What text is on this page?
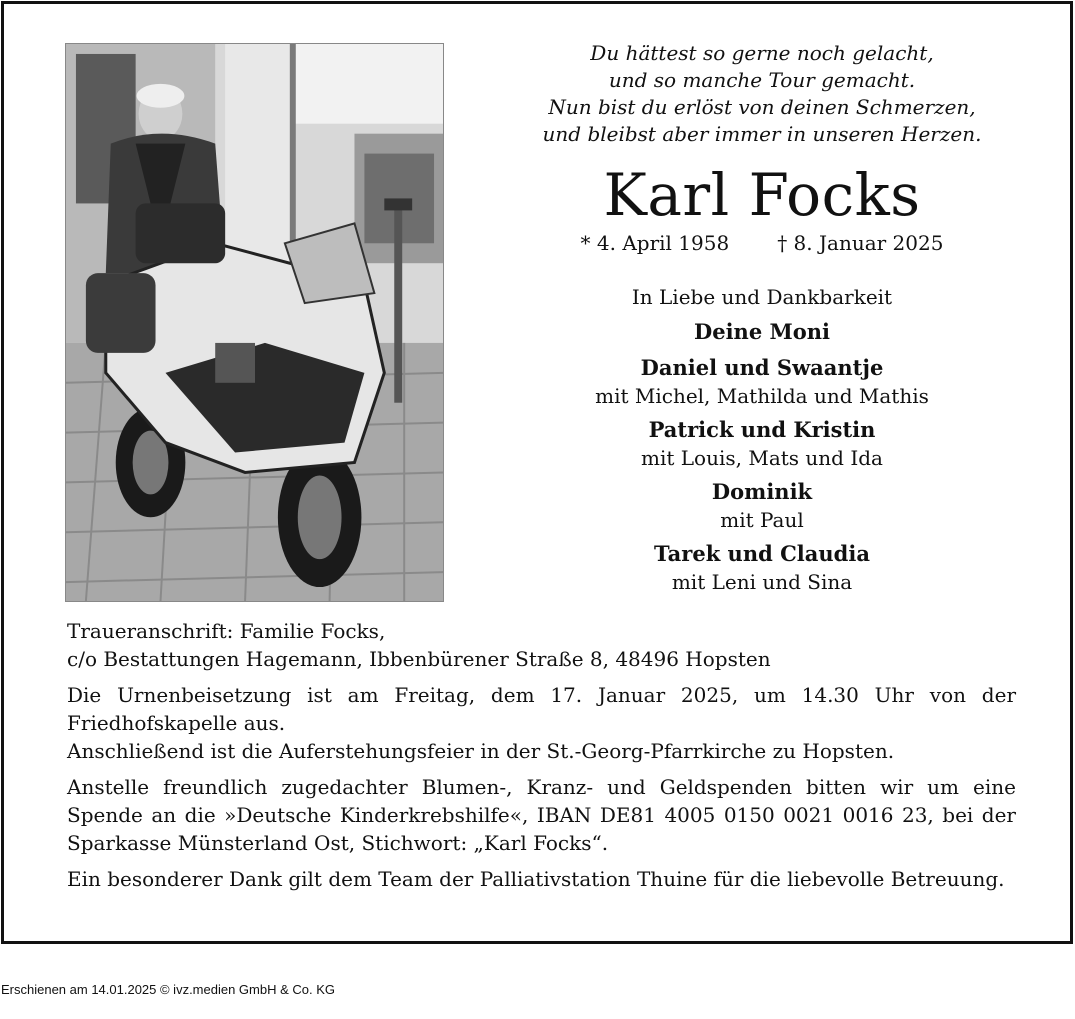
Du hättest so gerne noch gelacht,
und so manche Tour gemacht.
Nun bist du erlöst von deinen Schmerzen,
und bleibst aber immer in unseren Herzen.
Karl Focks
* 4. April 1958 † 8. Januar 2025
In Liebe und Dankbarkeit
Deine Moni
Daniel und Swaantje
mit Michel, Mathilda und Mathis
Patrick und Kristin
mit Louis, Mats und Ida
Dominik
mit Paul
Tarek und Claudia
mit Leni und Sina
Traueranschrift: Familie Focks,
c/o Bestattungen Hagemann, Ibbenbürener Straße 8, 48496 Hopsten

Die Urnenbeisetzung ist am Freitag, dem 17. Januar 2025, um 14.30 Uhr von der Friedhofskapelle aus.

Anschließend ist die Auferstehungsfeier in der St.-Georg-Pfarrkirche zu Hopsten.

Anstelle freundlich zugedachter Blumen-, Kranz- und Geldspenden bitten wir um eine Spende an die »Deutsche Kinderkrebshilfe«, IBAN DE81 4005 0150 0021 0016 23, bei der Sparkasse Münsterland Ost, Stichwort: „Karl Focks“.

Ein besonderer Dank gilt dem Team der Palliativstation Thuine für die liebevolle Betreuung.

Erschienen am 14.01.2025 © ivz.medien GmbH & Co. KG
